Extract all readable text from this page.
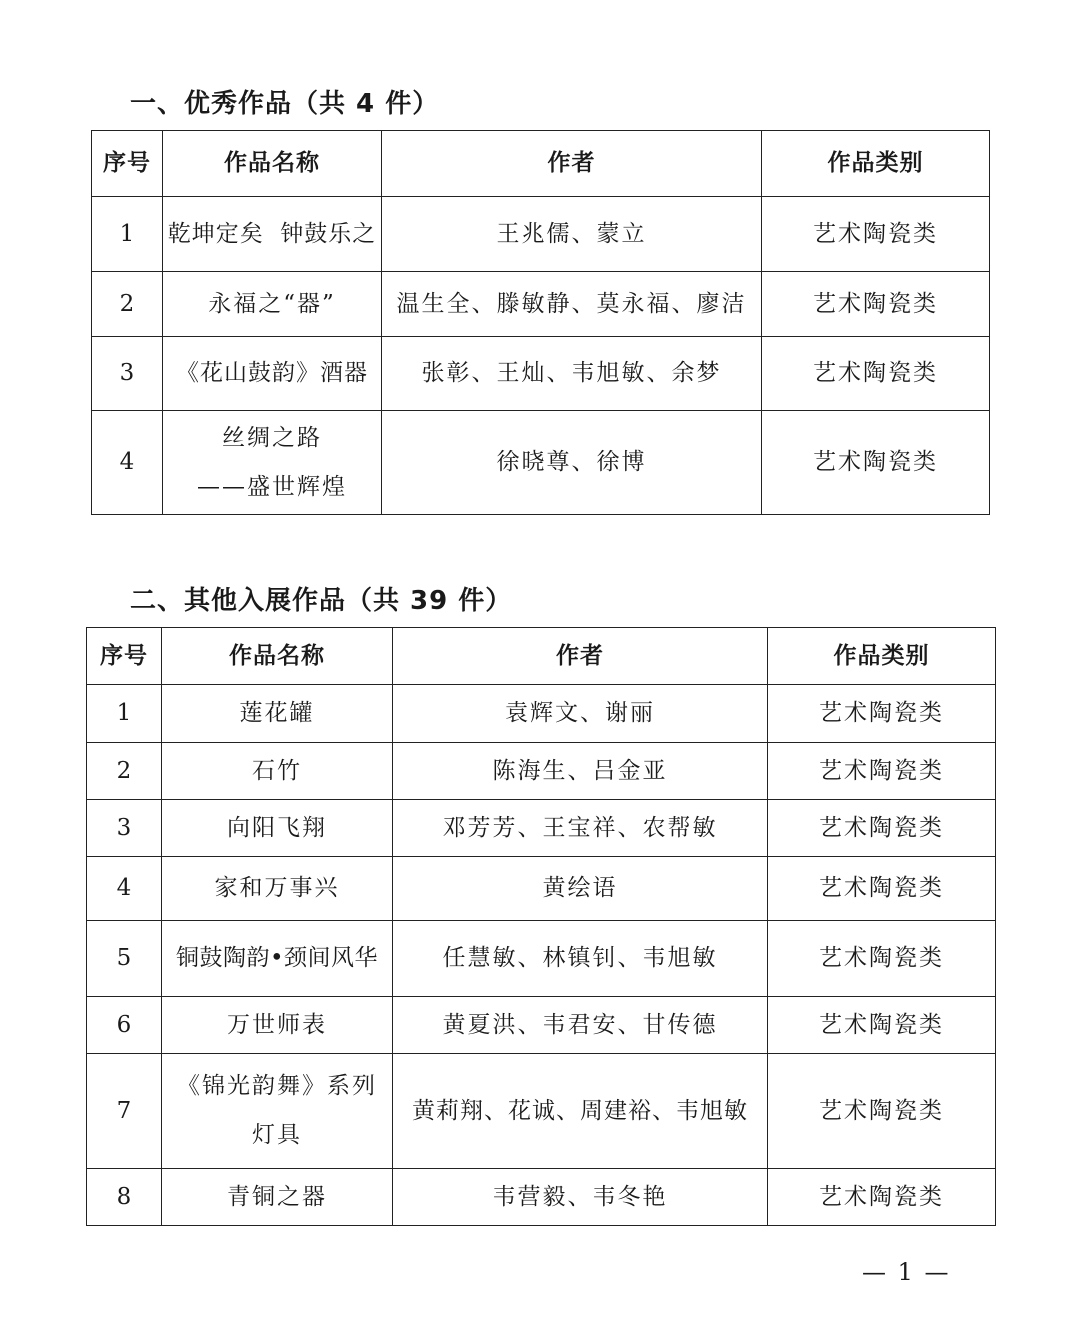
一、优秀作品（共 4 件）
序号	作品名称	作者	作品类别
1	乾坤定矣  钟鼓乐之	王兆儒、蒙立	艺术陶瓷类
2	永福之“器”	温生全、滕敏静、莫永福、廖洁	艺术陶瓷类
3	《花山鼓韵》酒器	张彰、王灿、韦旭敏、余梦	艺术陶瓷类
4	丝绸之路
——盛世辉煌	徐晓尊、徐博	艺术陶瓷类
二、其他入展作品（共 39 件）
序号	作品名称	作者	作品类别
1	莲花罐	袁辉文、谢丽	艺术陶瓷类
2	石竹	陈海生、吕金亚	艺术陶瓷类
3	向阳飞翔	邓芳芳、王宝祥、农帮敏	艺术陶瓷类
4	家和万事兴	黄绘语	艺术陶瓷类
5	铜鼓陶韵•颈间风华	任慧敏、林镇钊、韦旭敏	艺术陶瓷类
6	万世师表	黄夏洪、韦君安、甘传德	艺术陶瓷类
7	《锦光韵舞》系列
灯具	黄莉翔、花诚、周建裕、韦旭敏	艺术陶瓷类
8	青铜之器	韦营毅、韦冬艳	艺术陶瓷类
— 1 —
